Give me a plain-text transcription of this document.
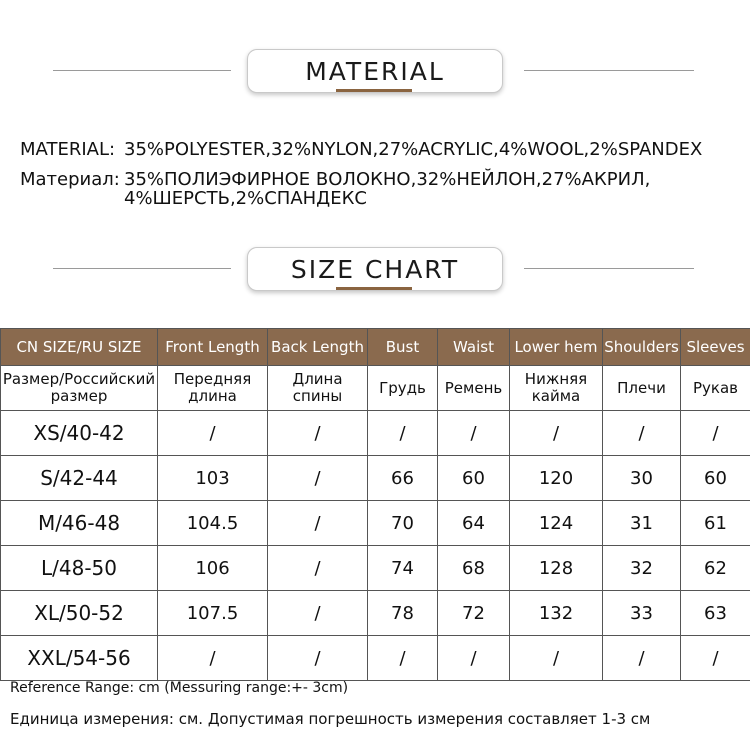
MATERIAL
MATERIAL: 35%POLYESTER,32%NYLON,27%ACRYLIC,4%WOOL,2%SPANDEX
Материал: 35%ПОЛИЭФИРНОЕ ВОЛОКНО,32%НЕЙЛОН,27%АКРИЛ,
4%ШЕРСТЬ,2%СПАНДЕКС
SIZE CHART
CN SIZE/RU SIZE	Front Length	Back Length	Bust	Waist	Lower hem	Shoulders	Sleeves
Размер/Российский размер	Передняя длина	Длина спины	Грудь	Ремень	Нижняя кайма	Плечи	Рукав
XS/40-42	/	/	/	/	/	/	/
S/42-44	103	/	66	60	120	30	60
M/46-48	104.5	/	70	64	124	31	61
L/48-50	106	/	74	68	128	32	62
XL/50-52	107.5	/	78	72	132	33	63
XXL/54-56	/	/	/	/	/	/	/
Reference Range: cm (Messuring range:+- 3cm)
Единица измерения: см. Допустимая погрешность измерения составляет 1-3 см
